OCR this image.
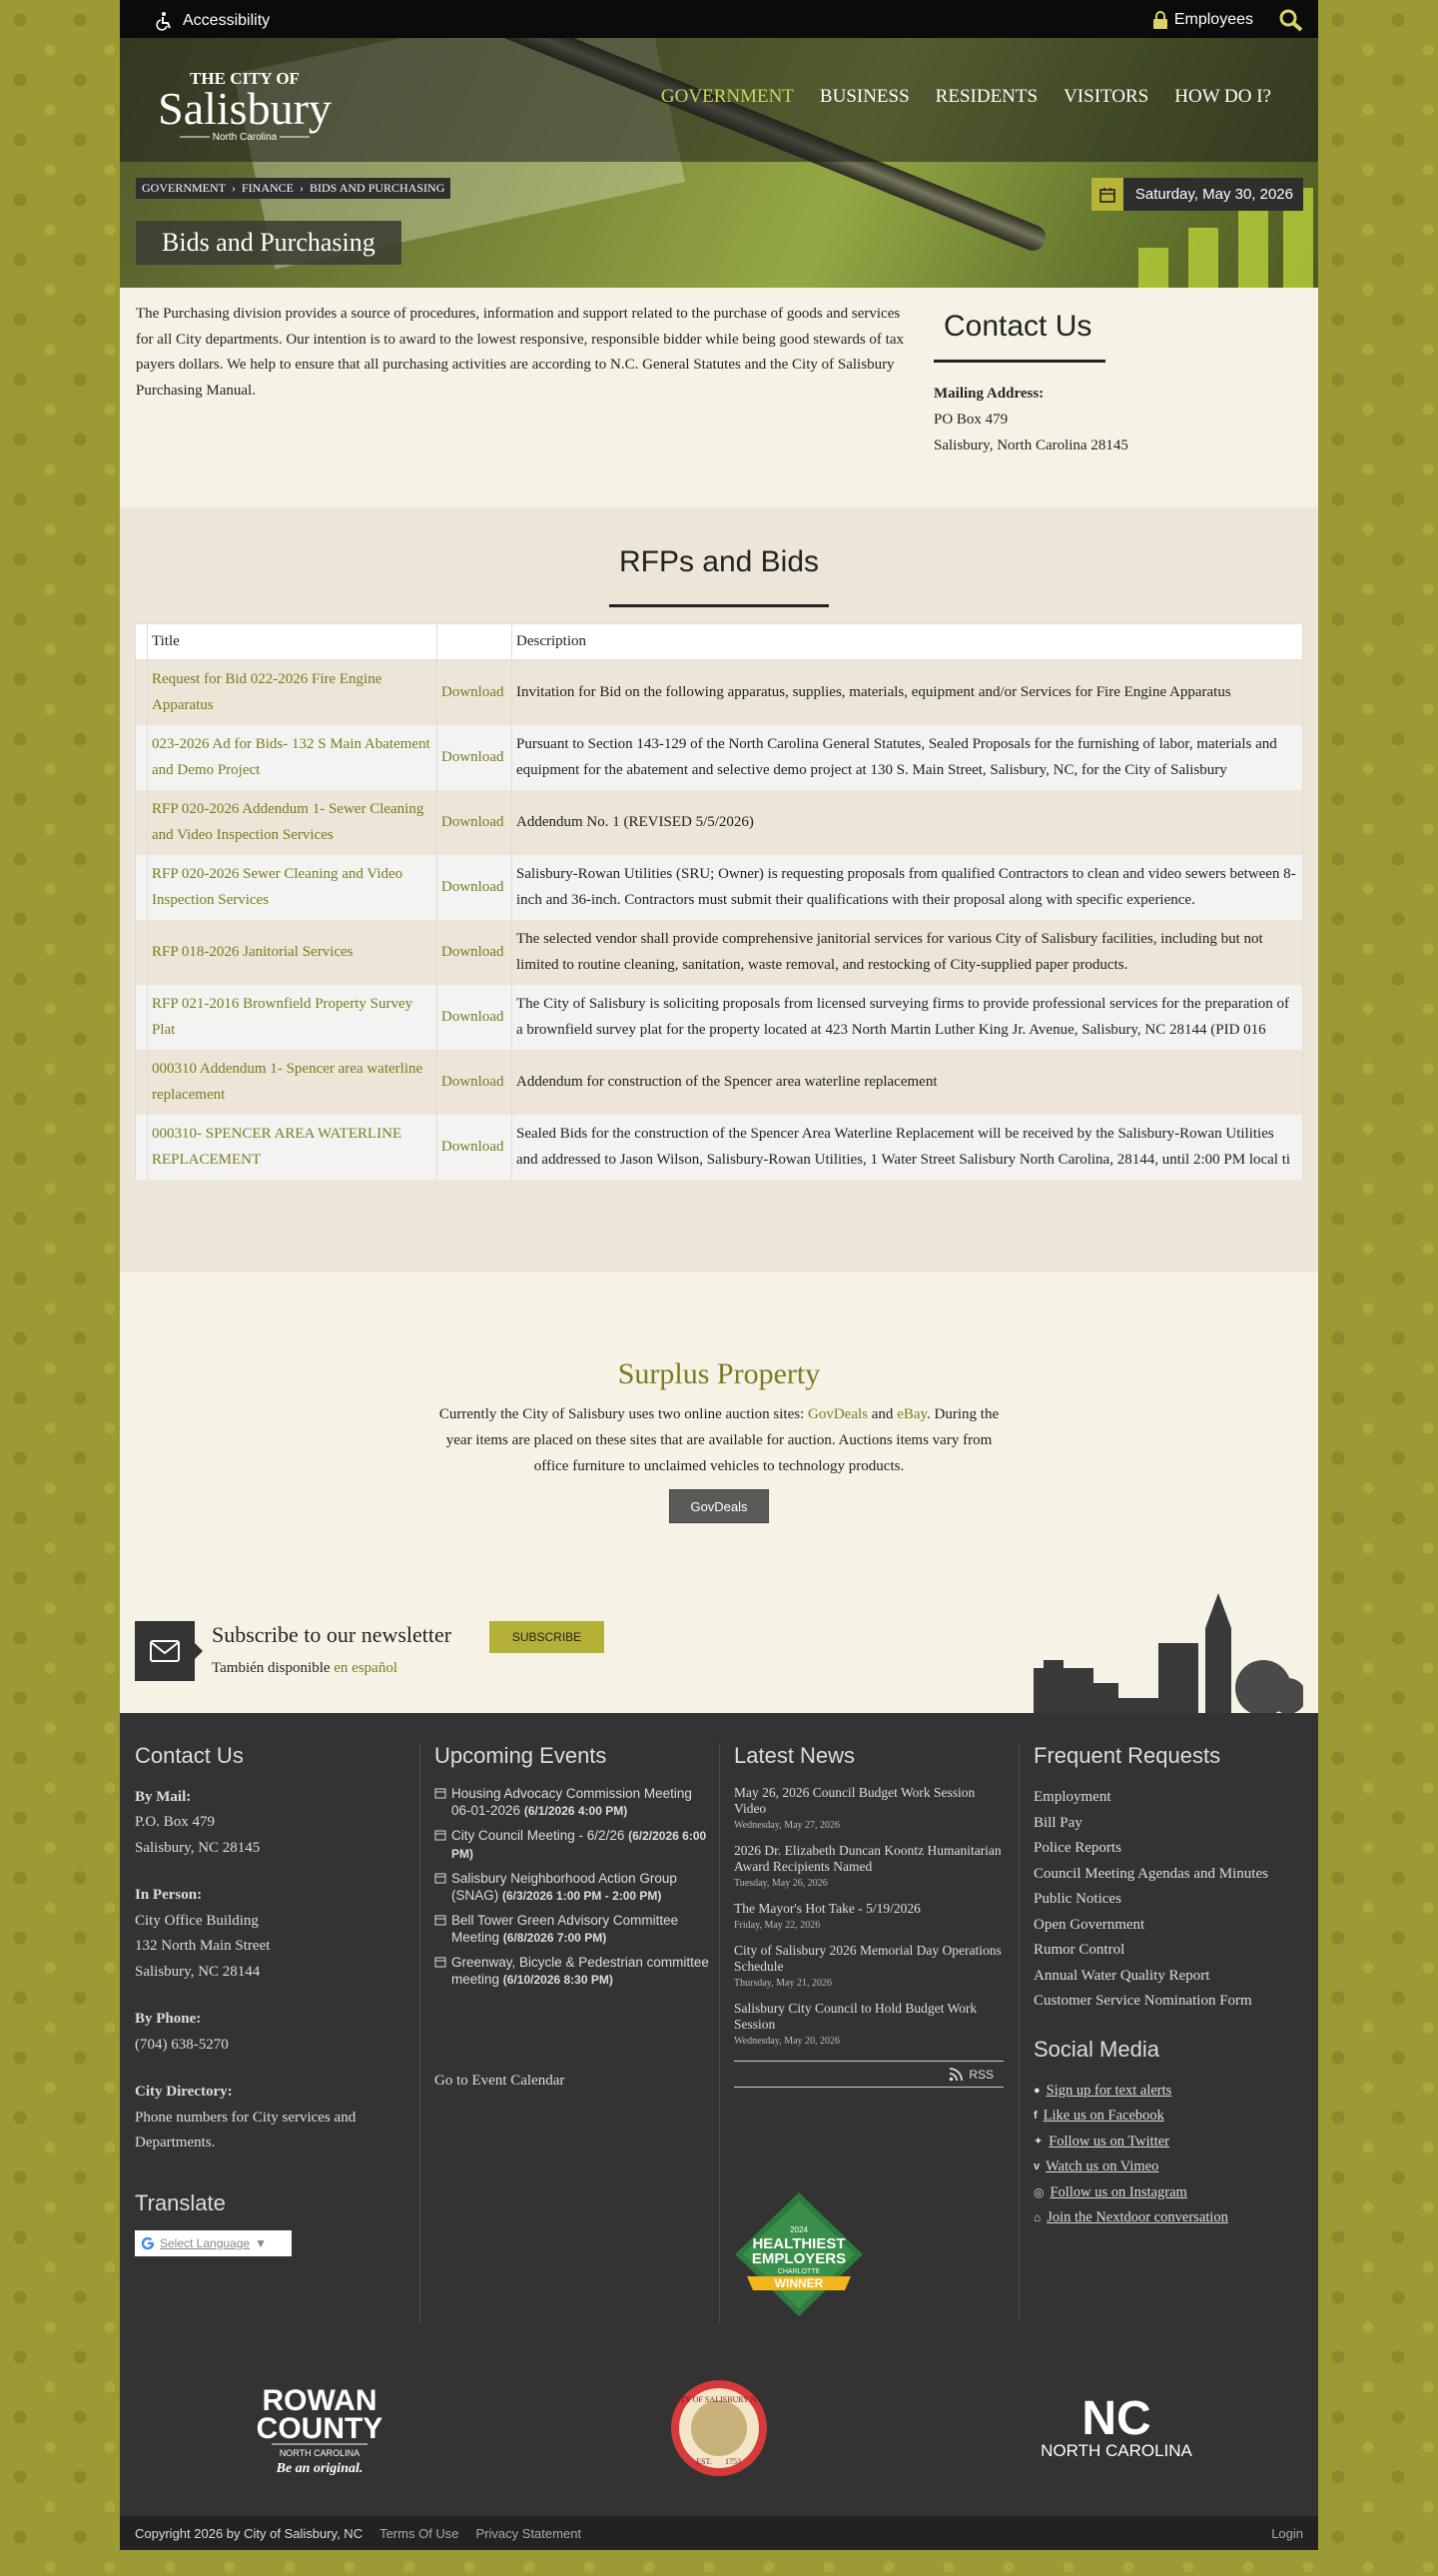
Accessibility	Employees
THE CITY OF
Salisbury
North Carolina
GOVERNMENT BUSINESS RESIDENTS VISITORS HOW DO I?
GOVERNMENT › FINANCE › BIDS AND PURCHASING	Saturday, May 30, 2026
Bids and Purchasing

The Purchasing division provides a source of procedures, information and support related to the purchase of goods and services for all City departments. Our intention is to award to the lowest responsive, responsible bidder while being good stewards of tax payers dollars. We help to ensure that all purchasing activities are according to N.C. General Statutes and the City of Salisbury Purchasing Manual.

Contact Us
Mailing Address:
PO Box 479
Salisbury, North Carolina 28145
RFPs and Bids
	Title		Description
	Request for Bid 022-2026 Fire Engine Apparatus	Download	Invitation for Bid on the following apparatus, supplies, materials, equipment and/or Services for Fire Engine Apparatus
	023-2026 Ad for Bids- 132 S Main Abatement and Demo Project	Download	Pursuant to Section 143-129 of the North Carolina General Statutes, Sealed Proposals for the furnishing of labor, materials and equipment for the abatement and selective demo project at 130 S. Main Street, Salisbury, NC, for the City of Salisbury
	RFP 020-2026 Addendum 1- Sewer Cleaning and Video Inspection Services	Download	Addendum No. 1 (REVISED 5/5/2026)
	RFP 020-2026 Sewer Cleaning and Video Inspection Services	Download	Salisbury-Rowan Utilities (SRU; Owner) is requesting proposals from qualified Contractors to clean and video sewers between 8-inch and 36-inch. Contractors must submit their qualifications with their proposal along with specific experience.
	RFP 018-2026 Janitorial Services	Download	The selected vendor shall provide comprehensive janitorial services for various City of Salisbury facilities, including but not limited to routine cleaning, sanitation, waste removal, and restocking of City-supplied paper products.
	RFP 021-2016 Brownfield Property Survey Plat	Download	The City of Salisbury is soliciting proposals from licensed surveying firms to provide professional services for the preparation of a brownfield survey plat for the property located at 423 North Martin Luther King Jr. Avenue, Salisbury, NC 28144 (PID 016
	000310 Addendum 1- Spencer area waterline replacement	Download	Addendum for construction of the Spencer area waterline replacement
	000310- SPENCER AREA WATERLINE REPLACEMENT	Download	Sealed Bids for the construction of the Spencer Area Waterline Replacement will be received by the Salisbury-Rowan Utilities and addressed to Jason Wilson, Salisbury-Rowan Utilities, 1 Water Street Salisbury North Carolina, 28144, until 2:00 PM local ti
Surplus Property

Currently the City of Salisbury uses two online auction sites: GovDeals and eBay. During the year items are placed on these sites that are available for auction. Auctions items vary from office furniture to unclaimed vehicles to technology products.

GovDeals
Subscribe to our newsletter	SUBSCRIBE
También disponible en español
Contact Us
By Mail:
P.O. Box 479
Salisbury, NC 28145
In Person:
City Office Building
132 North Main Street
Salisbury, NC 28144
By Phone:
(704) 638-5270
City Directory:
Phone numbers for City services and Departments.
Translate
Select Language ▼
Upcoming Events
Housing Advocacy Commission Meeting 06-01-2026 (6/1/2026 4:00 PM)
City Council Meeting - 6/2/26 (6/2/2026 6:00 PM)
Salisbury Neighborhood Action Group (SNAG) (6/3/2026 1:00 PM - 2:00 PM)
Bell Tower Green Advisory Committee Meeting (6/8/2026 7:00 PM)
Greenway, Bicycle & Pedestrian committee meeting (6/10/2026 8:30 PM)
Go to Event Calendar
Latest News
May 26, 2026 Council Budget Work Session Video
Wednesday, May 27, 2026
2026 Dr. Elizabeth Duncan Koontz Humanitarian Award Recipients Named
Tuesday, May 26, 2026
The Mayor's Hot Take - 5/19/2026
Friday, May 22, 2026
City of Salisbury 2026 Memorial Day Operations Schedule
Thursday, May 21, 2026
Salisbury City Council to Hold Budget Work Session
Wednesday, May 20, 2026
RSS
2024
HEALTHIEST
EMPLOYERS
CHARLOTTE
WINNER
Frequent Requests
Employment
Bill Pay
Police Reports
Council Meeting Agendas and Minutes
Public Notices
Open Government
Rumor Control
Annual Water Quality Report
Customer Service Nomination Form
Social Media
● Sign up for text alerts
f Like us on Facebook
✦ Follow us on Twitter
v Watch us on Vimeo
◎ Follow us on Instagram
⌂ Join the Nextdoor conversation
ROWAN
COUNTY
NORTH CAROLINA
Be an original.
CITY OF SALISBURY N.C.
EST. 1753
NC
NORTH CAROLINA
Copyright 2026 by City of Salisbury, NC Terms Of Use Privacy Statement	Login
